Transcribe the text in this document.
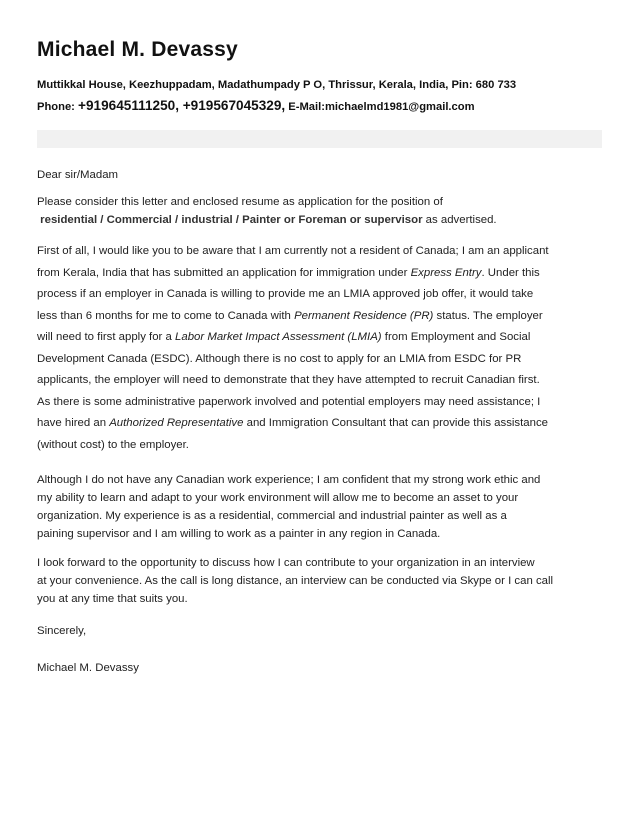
Michael M. Devassy
Muttikkal House, Keezhuppadam, Madathumpady P O, Thrissur, Kerala, India, Pin: 680 733
Phone: +919645111250, +919567045329, E-Mail:michaelmd1981@gmail.com
Dear sir/Madam
Please consider this letter and enclosed resume as application for the position of
residential / Commercial / industrial / Painter or Foreman or supervisor as advertised.
First of all, I would like you to be aware that I am currently not a resident of Canada; I am an applicant
from Kerala, India that has submitted an application for immigration under Express Entry. Under this
process if an employer in Canada is willing to provide me an LMIA approved job offer, it would take
less than 6 months for me to come to Canada with Permanent Residence (PR) status. The employer
will need to first apply for a Labor Market Impact Assessment (LMIA) from Employment and Social
Development Canada (ESDC). Although there is no cost to apply for an LMIA from ESDC for PR
applicants, the employer will need to demonstrate that they have attempted to recruit Canadian first.
As there is some administrative paperwork involved and potential employers may need assistance; I
have hired an Authorized Representative and Immigration Consultant that can provide this assistance
(without cost) to the employer.
Although I do not have any Canadian work experience; I am confident that my strong work ethic and
my ability to learn and adapt to your work environment will allow me to become an asset to your
organization. My experience is as a residential, commercial and industrial painter as well as a
paining supervisor and I am willing to work as a painter in any region in Canada.
I look forward to the opportunity to discuss how I can contribute to your organization in an interview
at your convenience. As the call is long distance, an interview can be conducted via Skype or I can call
you at any time that suits you.
Sincerely,
Michael M. Devassy
